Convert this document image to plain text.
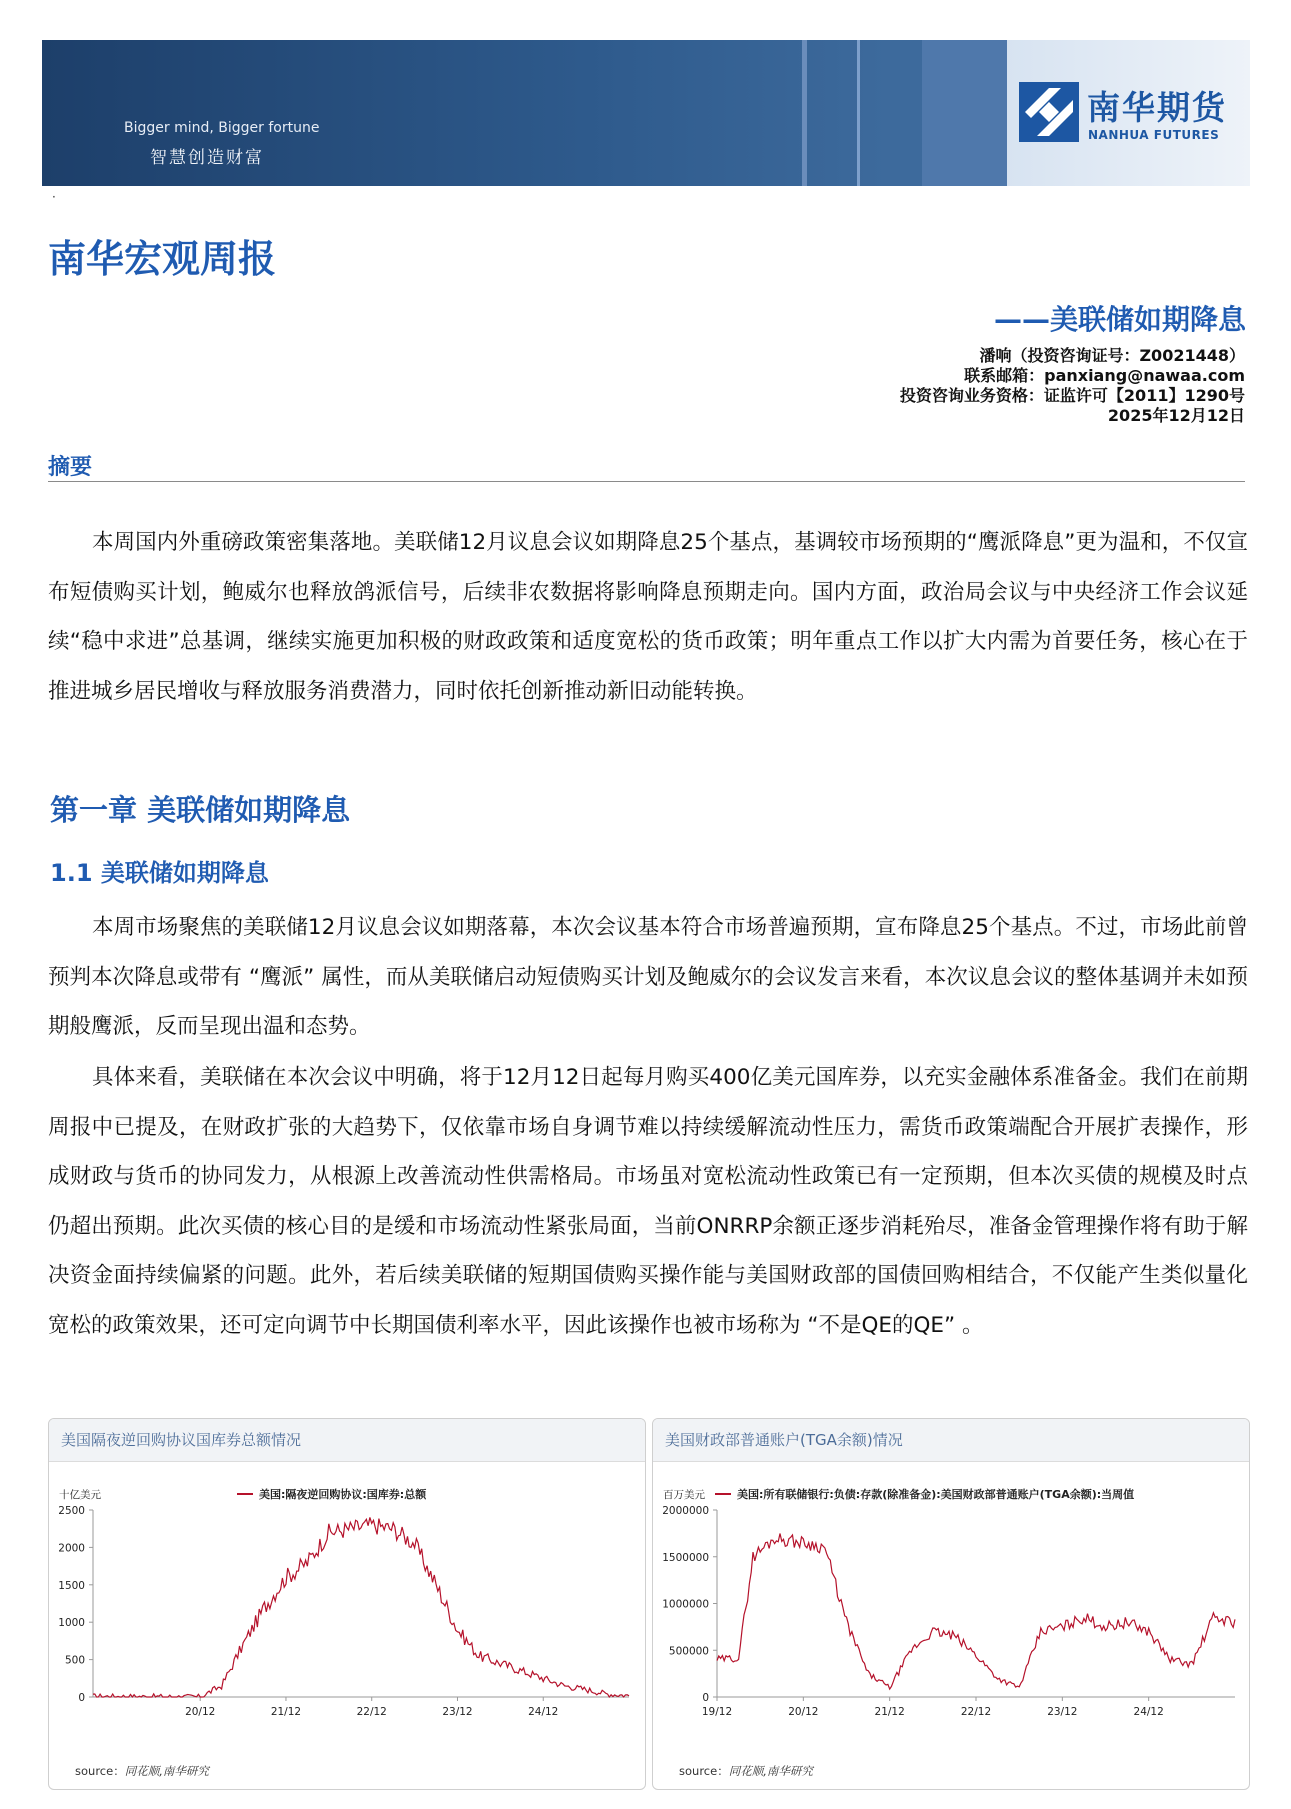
Bigger mind, Bigger fortune
智慧创造财富
南华期货
NANHUA FUTURES
·
南华宏观周报
——美联储如期降息
潘响（投资咨询证号：Z0021448）
联系邮箱：panxiang@nawaa.com
投资咨询业务资格：证监许可【2011】1290号
2025年12月12日
摘要

本周国内外重磅政策密集落地。美联储12月议息会议如期降息25个基点，基调较市场预期的“鹰派降息”更为温和，不仅宣布短债购买计划，鲍威尔也释放鸽派信号，后续非农数据将影响降息预期走向。国内方面，政治局会议与中央经济工作会议延续“稳中求进”总基调，继续实施更加积极的财政政策和适度宽松的货币政策；明年重点工作以扩大内需为首要任务，核心在于推进城乡居民增收与释放服务消费潜力，同时依托创新推动新旧动能转换。

第一章 美联储如期降息
1.1 美联储如期降息

本周市场聚焦的美联储12月议息会议如期落幕，本次会议基本符合市场普遍预期，宣布降息25个基点。不过，市场此前曾预判本次降息或带有 “鹰派” 属性，而从美联储启动短债购买计划及鲍威尔的会议发言来看，本次议息会议的整体基调并未如预期般鹰派，反而呈现出温和态势。

具体来看，美联储在本次会议中明确，将于12月12日起每月购买400亿美元国库券，以充实金融体系准备金。我们在前期周报中已提及，在财政扩张的大趋势下，仅依靠市场自身调节难以持续缓解流动性压力，需货币政策端配合开展扩表操作，形成财政与货币的协同发力，从根源上改善流动性供需格局。市场虽对宽松流动性政策已有一定预期，但本次买债的规模及时点仍超出预期。此次买债的核心目的是缓和市场流动性紧张局面，当前ONRRP余额正逐步消耗殆尽，准备金管理操作将有助于解决资金面持续偏紧的问题。此外，若后续美联储的短期国债购买操作能与美国财政部的国债回购相结合，不仅能产生类似量化宽松的政策效果，还可定向调节中长期国债利率水平，因此该操作也被市场称为 “不是QE的QE” 。

美国隔夜逆回购协议国库券总额情况
十亿美元	美国:隔夜逆回购协议:国库券:总额
2500
2000
1500
1000
500
0
20/12	21/12	22/12	23/12	24/12
source：同花顺,南华研究
美国财政部普通账户(TGA余额)情况
百万美元	美国:所有联储银行:负债:存款(除准备金):美国财政部普通账户(TGA余额):当周值
2000000
1500000
1000000
500000
0
19/12	20/12	21/12	22/12	23/12	24/12
source：同花顺,南华研究
